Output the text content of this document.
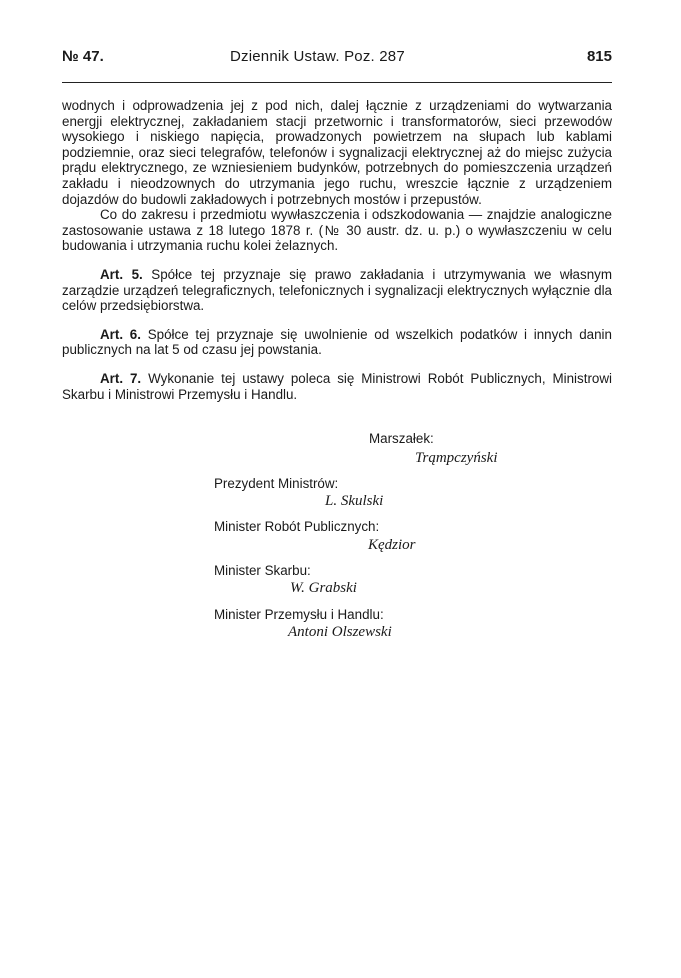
№ 47.	Dziennik Ustaw. Poz. 287	815

wodnych i odprowadzenia jej z pod nich, dalej łącznie z urządzeniami do wytwarzania energji elektrycznej, zakładaniem stacji przetwornic i transformatorów, sieci przewodów wysokiego i niskiego napięcia, prowadzonych powietrzem na słupach lub kablami podziemnie, oraz sieci telegrafów, telefonów i sygnalizacji elektrycznej aż do miejsc zużycia prądu elektrycznego, ze wzniesieniem budynków, potrzebnych do pomieszczenia urządzeń zakładu i nieodzownych do utrzymania jego ruchu, wreszcie łącznie z urządzeniem dojazdów do budowli zakładowych i potrzebnych mostów i przepustów.

Co do zakresu i przedmiotu wywłaszczenia i odszkodowania — znajdzie analogiczne zastosowanie ustawa z 18 lutego 1878 r. (№ 30 austr. dz. u. p.) o wywłaszczeniu w celu budowania i utrzymania ruchu kolei żelaznych.

Art. 5. Spółce tej przyznaje się prawo zakładania i utrzymywania we własnym zarządzie urządzeń telegraficznych, telefonicznych i sygnalizacji elektrycznych wyłącznie dla celów przedsiębiorstwa.

Art. 6. Spółce tej przyznaje się uwolnienie od wszelkich podatków i innych danin publicznych na lat 5 od czasu jej powstania.

Art. 7. Wykonanie tej ustawy poleca się Ministrowi Robót Publicznych, Ministrowi Skarbu i Ministrowi Przemysłu i Handlu.

Marszałek:
Trąmpczyński
Prezydent Ministrów:
L. Skulski
Minister Robót Publicznych:
Kędzior
Minister Skarbu:
W. Grabski
Minister Przemysłu i Handlu:
Antoni Olszewski
